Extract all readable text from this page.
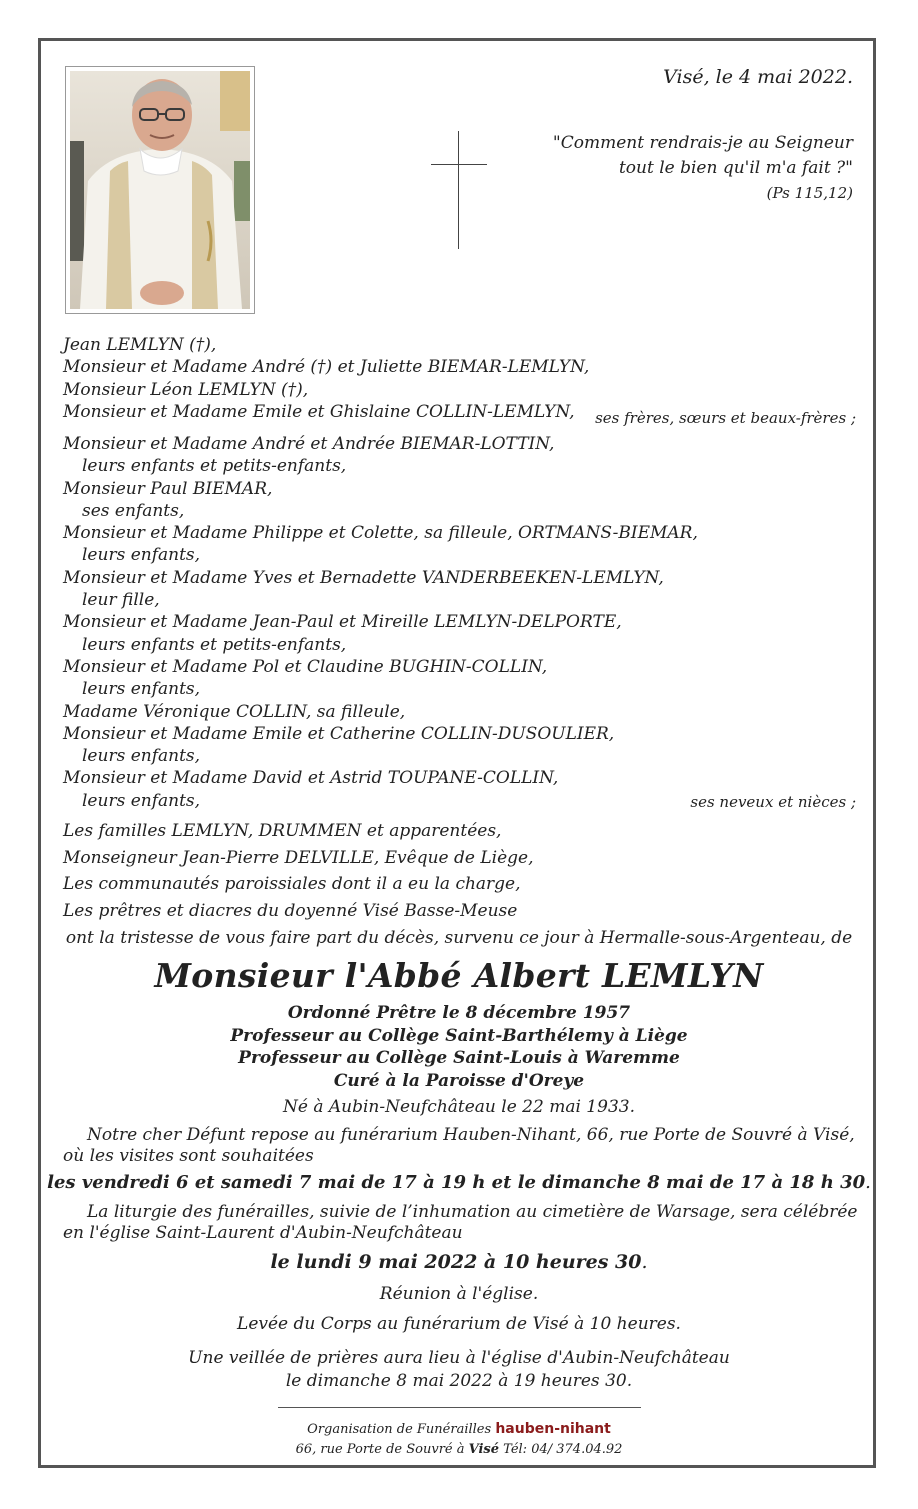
Visé, le 4 mai 2022.
"Comment rendrais-je au Seigneur
tout le bien qu'il m'a fait ?"
(Ps 115,12)
Jean LEMLYN (†),
Monsieur et Madame André (†) et Juliette BIEMAR-LEMLYN,
Monsieur Léon LEMLYN (†),
Monsieur et Madame Emile et Ghislaine COLLIN-LEMLYN,	ses frères, sœurs et beaux-frères ;
Monsieur et Madame André et Andrée BIEMAR-LOTTIN,
leurs enfants et petits-enfants,
Monsieur Paul BIEMAR,
ses enfants,
Monsieur et Madame Philippe et Colette, sa filleule, ORTMANS-BIEMAR,
leurs enfants,
Monsieur et Madame Yves et Bernadette VANDERBEEKEN-LEMLYN,
leur fille,
Monsieur et Madame Jean-Paul et Mireille LEMLYN-DELPORTE,
leurs enfants et petits-enfants,
Monsieur et Madame Pol et Claudine BUGHIN-COLLIN,
leurs enfants,
Madame Véronique COLLIN, sa filleule,
Monsieur et Madame Emile et Catherine COLLIN-DUSOULIER,
leurs enfants,
Monsieur et Madame David et Astrid TOUPANE-COLLIN,
leurs enfants,	ses neveux et nièces ;
Les familles LEMLYN, DRUMMEN et apparentées,
Monseigneur Jean-Pierre DELVILLE, Evêque de Liège,
Les communautés paroissiales dont il a eu la charge,
Les prêtres et diacres du doyenné Visé Basse-Meuse
ont la tristesse de vous faire part du décès, survenu ce jour à Hermalle-sous-Argenteau, de
Monsieur l'Abbé Albert LEMLYN
Ordonné Prêtre le 8 décembre 1957
Professeur au Collège Saint-Barthélemy à Liège
Professeur au Collège Saint-Louis à Waremme
Curé à la Paroisse d'Oreye
Né à Aubin-Neufchâteau le 22 mai 1933.
Notre cher Défunt repose au funérarium Hauben-Nihant, 66, rue Porte de Souvré à Visé,
où les visites sont souhaitées
les vendredi 6 et samedi 7 mai de 17 à 19 h et le dimanche 8 mai de 17 à 18 h 30.
La liturgie des funérailles, suivie de l’inhumation au cimetière de Warsage, sera célébrée
en l'église Saint-Laurent d'Aubin-Neufchâteau
le lundi 9 mai 2022 à 10 heures 30.
Réunion à l'église.
Levée du Corps au funérarium de Visé à 10 heures.
Une veillée de prières aura lieu à l'église d'Aubin-Neufchâteau
le dimanche 8 mai 2022 à 19 heures 30.
Organisation de Funérailles hauben-nihant
66, rue Porte de Souvré à Visé Tél: 04/ 374.04.92
